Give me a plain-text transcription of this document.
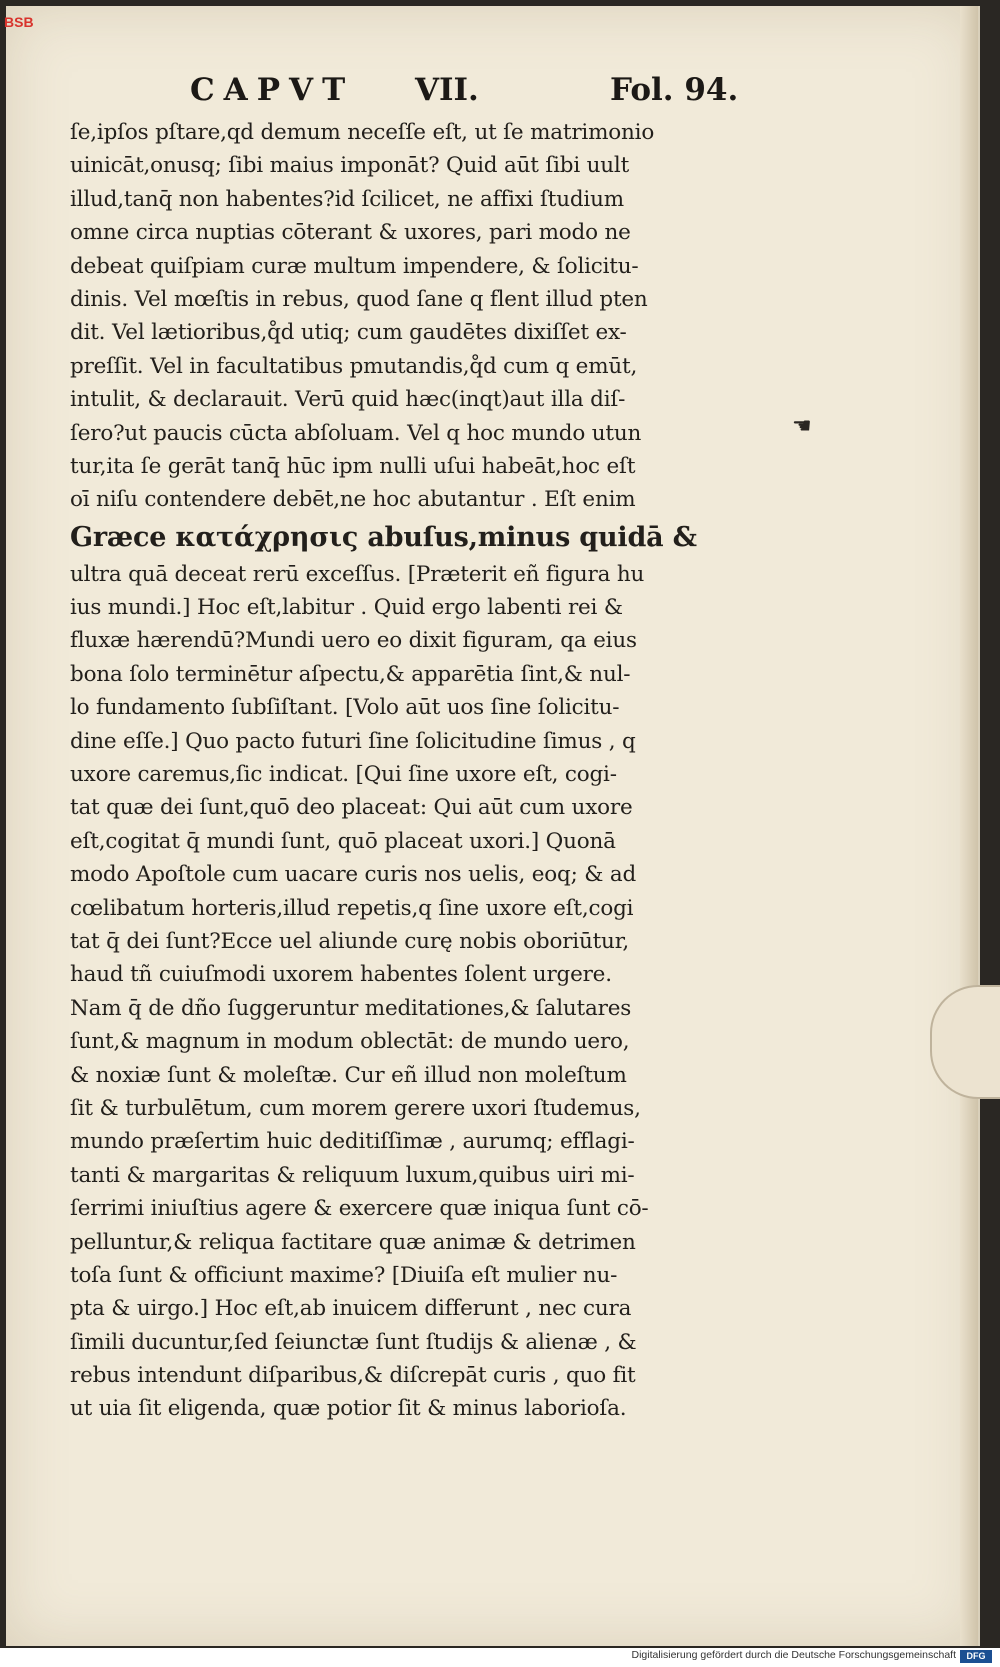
BSB
CAPVT VII.	Fol. 94.
☚
ſe,ipſos pſtare,qd demum neceſſe eſt, ut ſe matrimonio
uinicāt,onusq; ſibi maius imponāt? Quid aūt ſibi uult
illud,tanq̄ non habentes?id ſcilicet, ne affixi ſtudium
omne circa nuptias cōterant & uxores, pari modo ne
debeat quiſpiam curæ multum impendere, & ſolicitu-
dinis. Vel mœſtis in rebus, quod ſane q flent illud pten
dit. Vel lætioribus,q̊d utiq; cum gaudētes dixiſſet ex-
preſſit. Vel in facultatibus pmutandis,q̊d cum q emūt,
intulit, & declarauit. Verū quid hæc(inqt)aut illa diſ-
ſero?ut paucis cūcta abſoluam. Vel q hoc mundo utun
tur,ita ſe gerāt tanq̄ hūc ipm nulli uſui habeāt,hoc eſt
oī niſu contendere debēt,ne hoc abutantur . Eſt enim
Græce κατάχρησις abuſus,minus quidā &
ultra quā deceat rerū exceſſus. [Præterit eñ figura hu
ius mundi.] Hoc eſt,labitur . Quid ergo labenti rei &
fluxæ hærendū?Mundi uero eo dixit figuram, qa eius
bona ſolo terminētur aſpectu,& apparētia ſint,& nul-
lo fundamento ſubſiſtant. [Volo aūt uos ſine ſolicitu-
dine eſſe.] Quo pacto futuri ſine ſolicitudine ſimus , q
uxore caremus,ſic indicat. [Qui ſine uxore eſt, cogi-
tat quæ dei ſunt,quō deo placeat: Qui aūt cum uxore
eſt,cogitat q̄ mundi ſunt, quō placeat uxori.] Quonā
modo Apoſtole cum uacare curis nos uelis, eoq; & ad
cœlibatum horteris,illud repetis,q ſine uxore eſt,cogi
tat q̄ dei ſunt?Ecce uel aliunde curę nobis oboriūtur,
haud tñ cuiuſmodi uxorem habentes ſolent urgere.
Nam q̄ de dño ſuggeruntur meditationes,& ſalutares
ſunt,& magnum in modum oblectāt: de mundo uero,
& noxiæ ſunt & moleſtæ. Cur eñ illud non moleſtum
ſit & turbulētum, cum morem gerere uxori ſtudemus,
mundo præſertim huic deditiſſimæ , aurumq; efflagi-
tanti & margaritas & reliquum luxum,quibus uiri mi-
ſerrimi iniuſtius agere & exercere quæ iniqua ſunt cō-
pelluntur,& reliqua factitare quæ animæ & detrimen
toſa ſunt & officiunt maxime? [Diuiſa eſt mulier nu-
pta & uirgo.] Hoc eſt,ab inuicem differunt , nec cura
ſimili ducuntur,ſed ſeiunctæ ſunt ſtudijs & alienæ , &
rebus intendunt diſparibus,& diſcrepāt curis , quo fit
ut uia ſit eligenda, quæ potior ſit & minus laborioſa.
Digitalisierung gefördert durch die Deutsche Forschungsgemeinschaft	DFG
